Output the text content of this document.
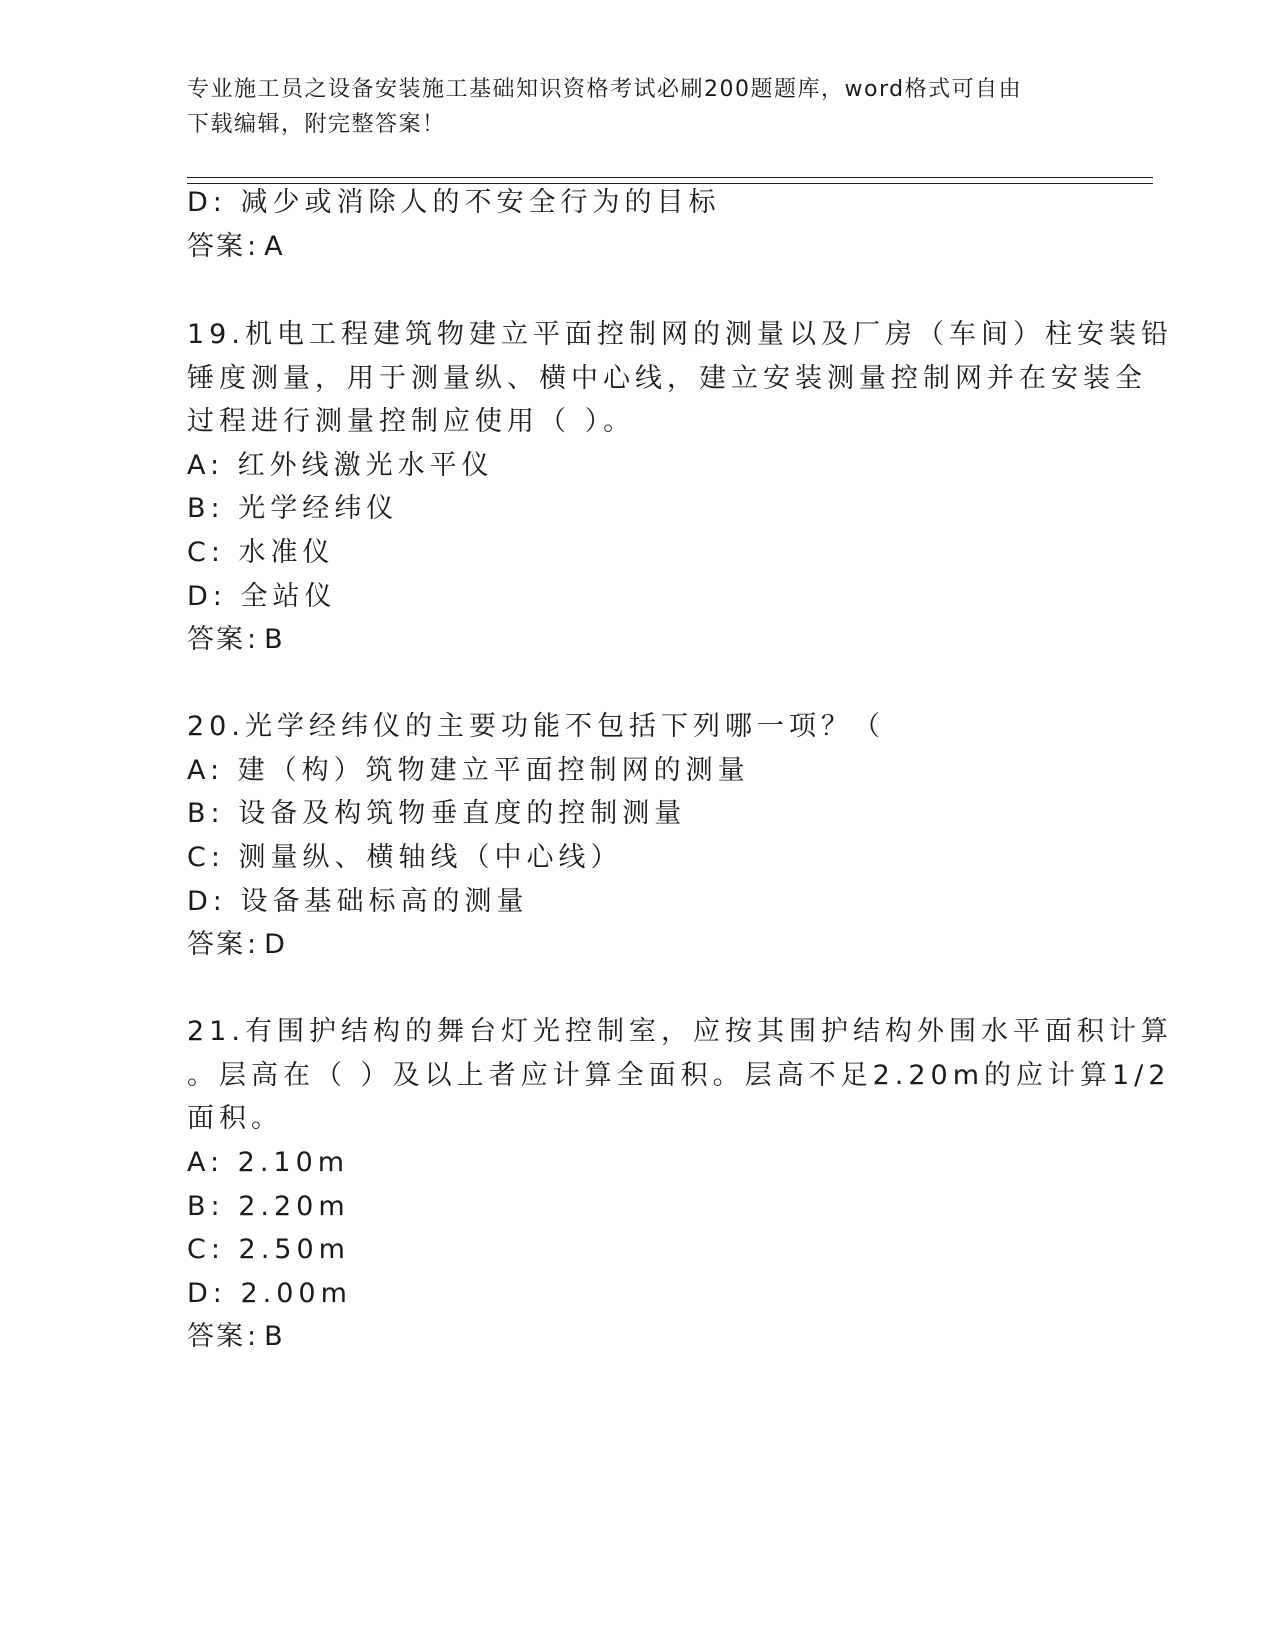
专业施工员之设备安装施工基础知识资格考试必刷200题题库，word格式可自由
下载编辑，附完整答案！
D: 减少或消除人的不安全行为的目标
答案: A
19.机电工程建筑物建立平面控制网的测量以及厂房（车间）柱安装铅
锤度测量，用于测量纵、横中心线，建立安装测量控制网并在安装全
过程进行测量控制应使用（ ）。
A: 红外线激光水平仪
B: 光学经纬仪
C: 水准仪
D: 全站仪
答案: B
20.光学经纬仪的主要功能不包括下列哪一项？（
A: 建（构）筑物建立平面控制网的测量
B: 设备及构筑物垂直度的控制测量
C: 测量纵、横轴线（中心线）
D: 设备基础标高的测量
答案: D
21.有围护结构的舞台灯光控制室，应按其围护结构外围水平面积计算
。层高在（ ）及以上者应计算全面积。层高不足2.20m的应计算1/2
面积。
A: 2.10m
B: 2.20m
C: 2.50m
D: 2.00m
答案: B
